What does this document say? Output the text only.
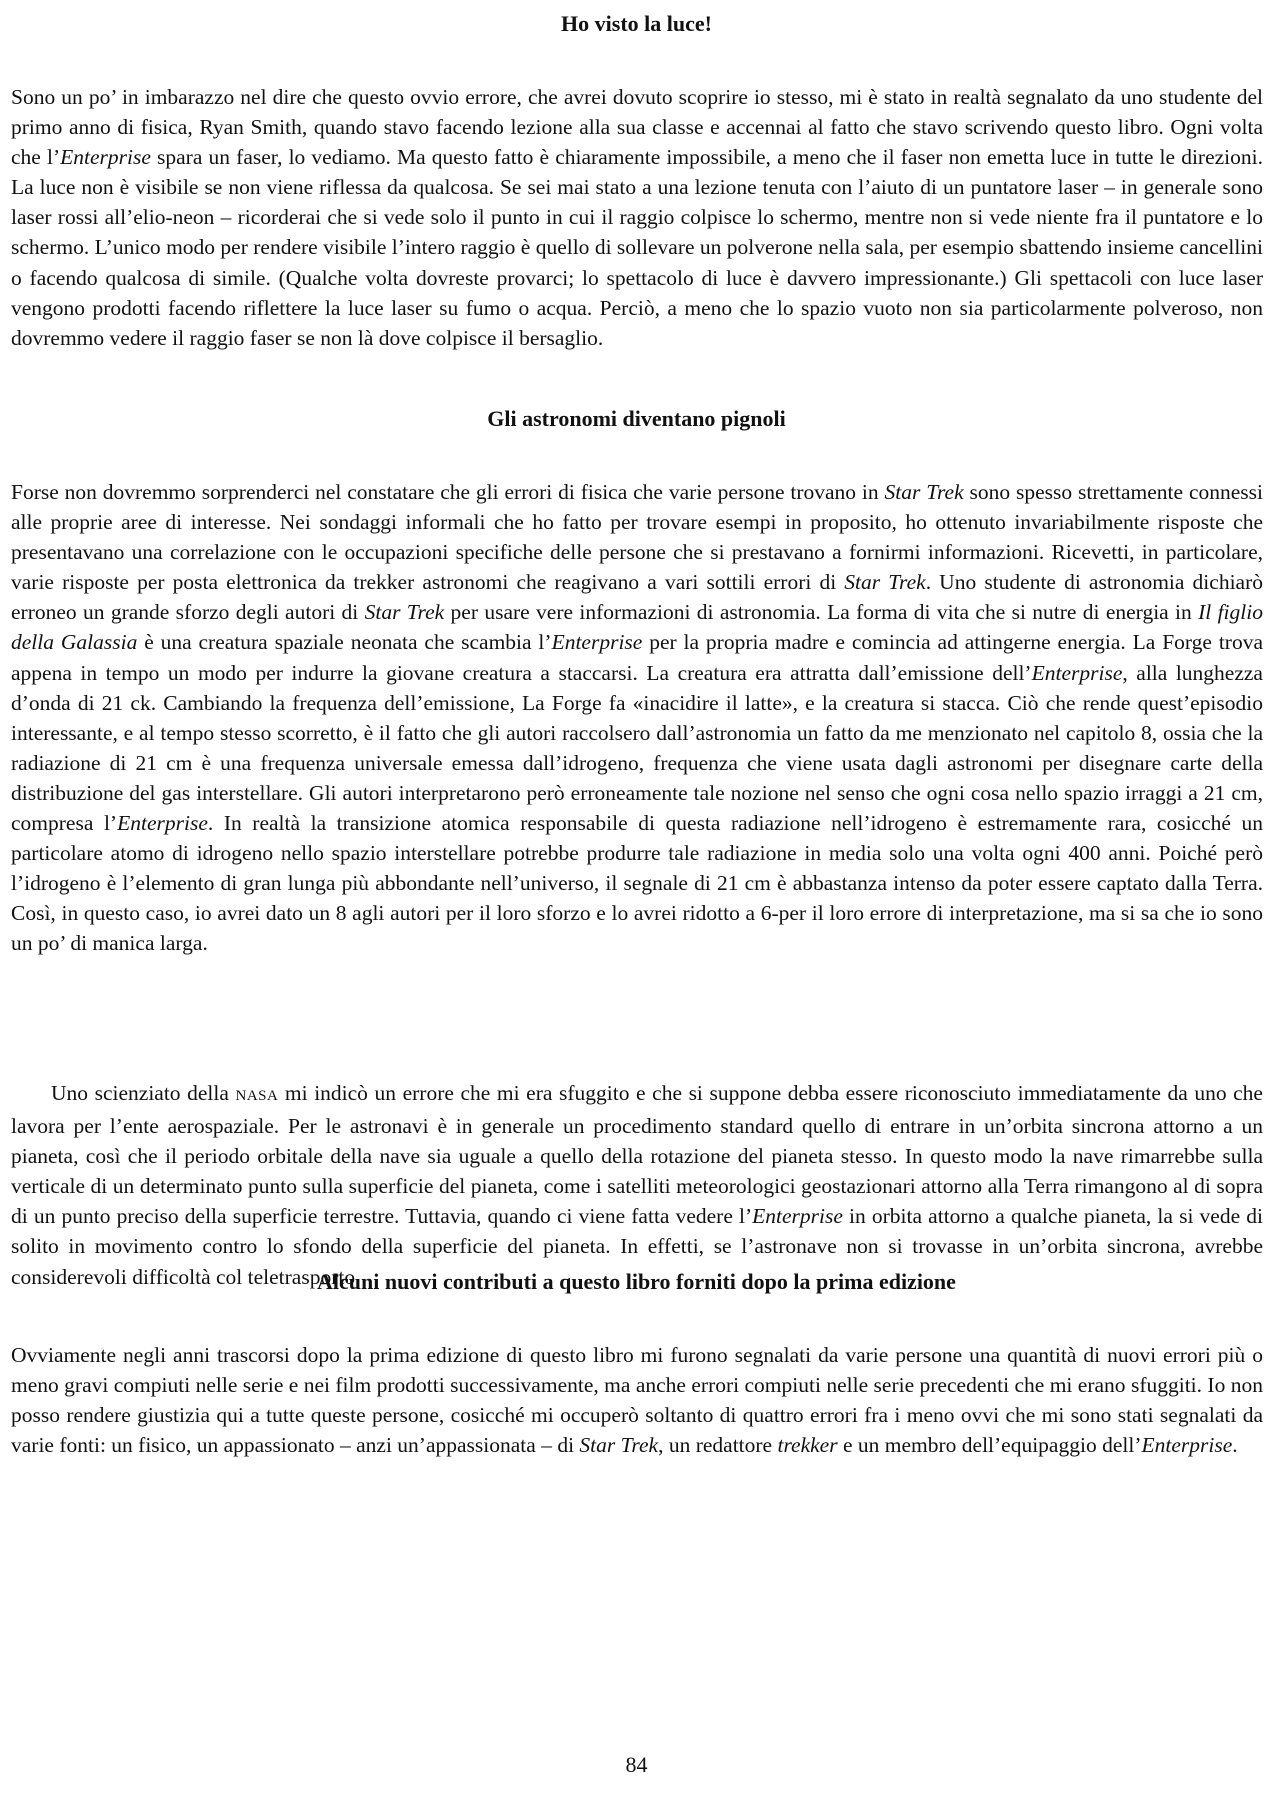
Ho visto la luce!

Sono un po’ in imbarazzo nel dire che questo ovvio errore, che avrei dovuto scoprire io stesso, mi è stato in realtà segnalato da uno studente del primo anno di fisica, Ryan Smith, quando stavo facendo lezione alla sua classe e accennai al fatto che stavo scrivendo questo libro. Ogni volta che l’Enterprise spara un faser, lo vediamo. Ma questo fatto è chiaramente impossibile, a meno che il faser non emetta luce in tutte le direzioni. La luce non è visibile se non viene riflessa da qualcosa. Se sei mai stato a una lezione tenuta con l’aiuto di un puntatore laser – in generale sono laser rossi all’elio-neon – ricorderai che si vede solo il punto in cui il raggio colpisce lo schermo, mentre non si vede niente fra il puntatore e lo schermo. L’unico modo per rendere visibile l’intero raggio è quello di sollevare un polverone nella sala, per esempio sbattendo insieme cancellini o facendo qualcosa di simile. (Qualche volta dovreste provarci; lo spettacolo di luce è davvero impressionante.) Gli spettacoli con luce laser vengono prodotti facendo riflettere la luce laser su fumo o acqua. Perciò, a meno che lo spazio vuoto non sia particolarmente polveroso, non dovremmo vedere il raggio faser se non là dove colpisce il bersaglio.

Gli astronomi diventano pignoli

Forse non dovremmo sorprenderci nel constatare che gli errori di fisica che varie persone trovano in Star Trek sono spesso strettamente connessi alle proprie aree di interesse. Nei sondaggi informali che ho fatto per trovare esempi in proposito, ho ottenuto invariabilmente risposte che presentavano una correlazione con le occupazioni specifiche delle persone che si prestavano a fornirmi informazioni. Ricevetti, in particolare, varie risposte per posta elettronica da trekker astronomi che reagivano a vari sottili errori di Star Trek. Uno studente di astronomia dichiarò erroneo un grande sforzo degli autori di Star Trek per usare vere informazioni di astronomia. La forma di vita che si nutre di energia in Il figlio della Galassia è una creatura spaziale neonata che scambia l’Enterprise per la propria madre e comincia ad attingerne energia. La Forge trova appena in tempo un modo per indurre la giovane creatura a staccarsi. La creatura era attratta dall’emissione dell’Enterprise, alla lunghezza d’onda di 21 ck. Cambiando la frequenza dell’emissione, La Forge fa «inacidire il latte», e la creatura si stacca. Ciò che rende quest’episodio interessante, e al tempo stesso scorretto, è il fatto che gli autori raccolsero dall’astronomia un fatto da me menzionato nel capitolo 8, ossia che la radiazione di 21 cm è una frequenza universale emessa dall’idrogeno, frequenza che viene usata dagli astronomi per disegnare carte della distribuzione del gas interstellare. Gli autori interpretarono però erroneamente tale nozione nel senso che ogni cosa nello spazio irraggi a 21 cm, compresa l’Enterprise. In realtà la transizione atomica responsabile di questa radiazione nell’idrogeno è estremamente rara, cosicché un particolare atomo di idrogeno nello spazio interstellare potrebbe produrre tale radiazione in media solo una volta ogni 400 anni. Poiché però l’idrogeno è l’elemento di gran lunga più abbondante nell’universo, il segnale di 21 cm è abbastanza intenso da poter essere captato dalla Terra. Così, in questo caso, io avrei dato un 8 agli autori per il loro sforzo e lo avrei ridotto a 6-per il loro errore di interpretazione, ma si sa che io sono un po’ di manica larga.

Uno scienziato della NASA mi indicò un errore che mi era sfuggito e che si suppone debba essere riconosciuto immediatamente da uno che lavora per l’ente aerospaziale. Per le astronavi è in generale un procedimento standard quello di entrare in un’orbita sincrona attorno a un pianeta, così che il periodo orbitale della nave sia uguale a quello della rotazione del pianeta stesso. In questo modo la nave rimarrebbe sulla verticale di un determinato punto sulla superficie del pianeta, come i satelliti meteorologici geostazionari attorno alla Terra rimangono al di sopra di un punto preciso della superficie terrestre. Tuttavia, quando ci viene fatta vedere l’Enterprise in orbita attorno a qualche pianeta, la si vede di solito in movimento contro lo sfondo della superficie del pianeta. In effetti, se l’astronave non si trovasse in un’orbita sincrona, avrebbe considerevoli difficoltà col teletrasporto.

Alcuni nuovi contributi a questo libro forniti dopo la prima edizione

Ovviamente negli anni trascorsi dopo la prima edizione di questo libro mi furono segnalati da varie persone una quantità di nuovi errori più o meno gravi compiuti nelle serie e nei film prodotti successivamente, ma anche errori compiuti nelle serie precedenti che mi erano sfuggiti. Io non posso rendere giustizia qui a tutte queste persone, cosicché mi occuperò soltanto di quattro errori fra i meno ovvi che mi sono stati segnalati da varie fonti: un fisico, un appassionato – anzi un’appassionata – di Star Trek, un redattore trekker e un membro dell’equipaggio dell’Enterprise.

84
